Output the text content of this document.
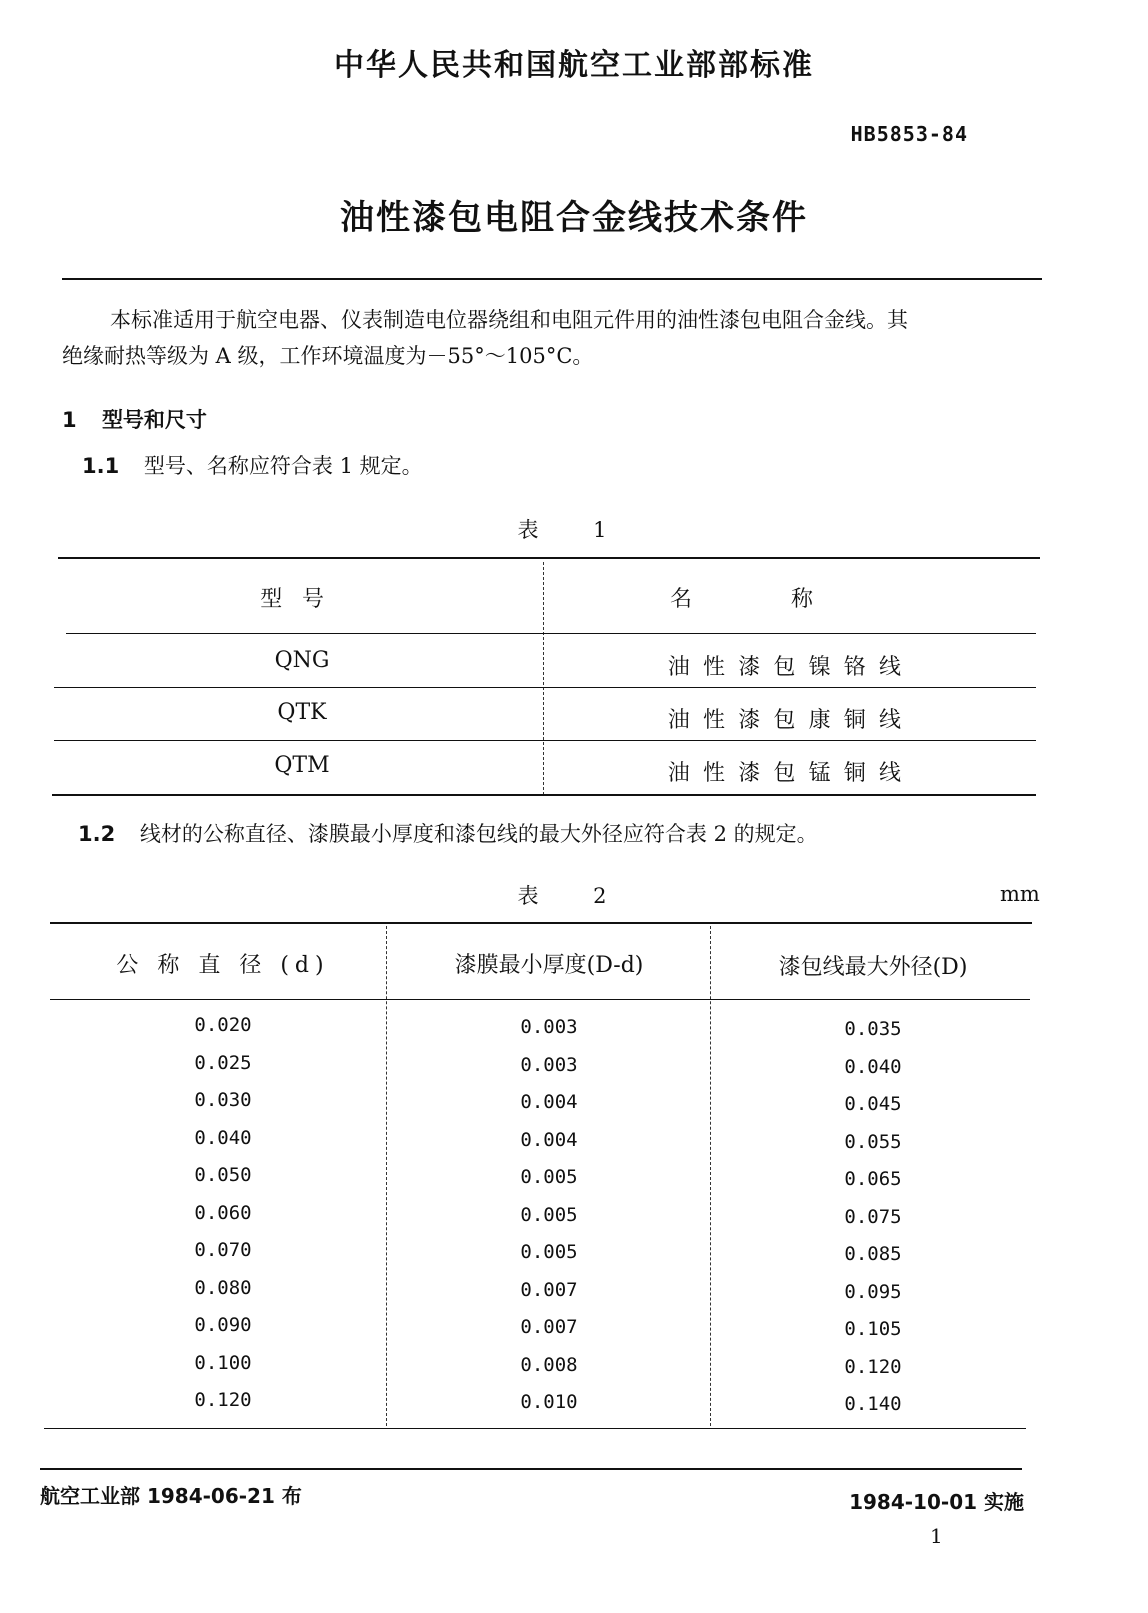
中华人民共和国航空工业部部标准
HB5853-84
油性漆包电阻合金线技术条件
本标准适用于航空电器、仪表制造电位器绕组和电阻元件用的油性漆包电阻合金线。其
绝缘耐热等级为 A 级，工作环境温度为－55°～105°C。
1 型号和尺寸
1.1 型号、名称应符合表 1 规定。
表 1
型号	名称
QNG	油性漆包镍铬线
QTK	油性漆包康铜线
QTM	油性漆包锰铜线
1.2 线材的公称直径、漆膜最小厚度和漆包线的最大外径应符合表 2 的规定。
表 2	mm
公 称 直 径 (d)	漆膜最小厚度(D-d)	漆包线最大外径(D)
0.020	0.003	0.035
0.025	0.003	0.040
0.030	0.004	0.045
0.040	0.004	0.055
0.050	0.005	0.065
0.060	0.005	0.075
0.070	0.005	0.085
0.080	0.007	0.095
0.090	0.007	0.105
0.100	0.008	0.120
0.120	0.010	0.140
航空工业部 1984-06-21 布	1984-10-01 实施
1
